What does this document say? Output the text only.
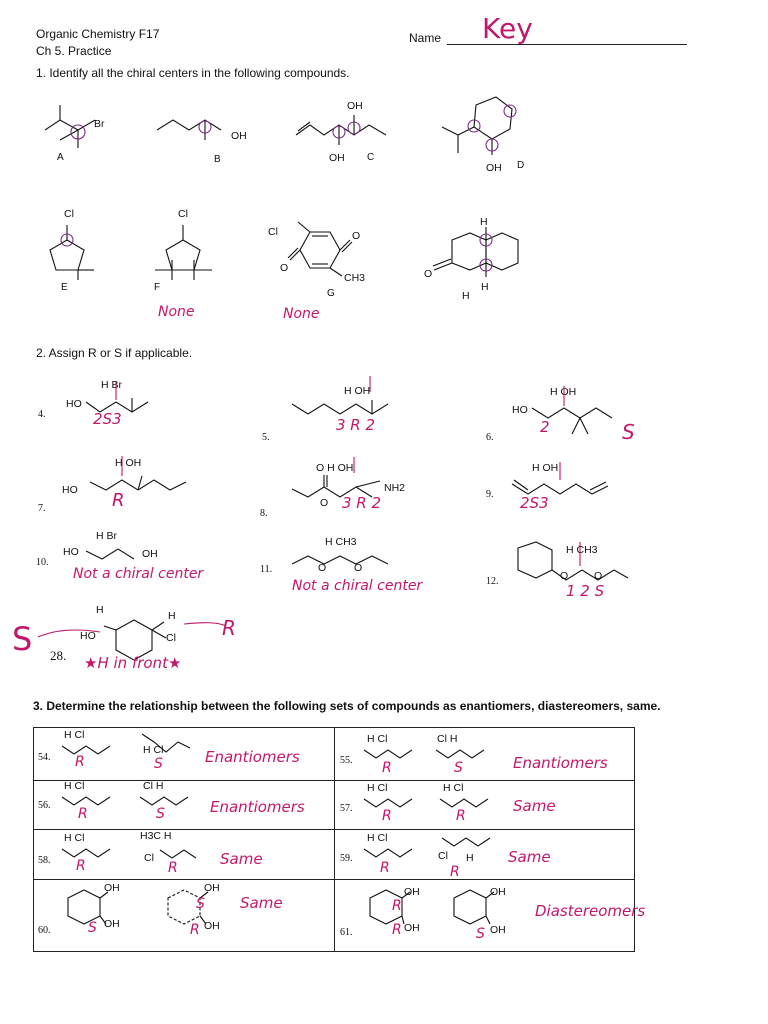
Organic Chemistry F17
Ch 5. Practice
Name Key
1. Identify all the chiral centers in the following compounds.
Br
A
OH
B
OH
OH C
OH D
Cl
E
Cl
F
None
Cl	O
O
CH3
G
None
H
O
H
H
2. Assign R or S if applicable.
4.
HO
H Br
2S3
5.
H OH
3 R 2
6.
HO
H OH
2	S
7.
HO
H OH
R
8.
O H OH
O
NH2
3 R 2	9.
H OH
2S3
10.
HO
H Br
OH
Not a chiral center	11.
H CH3
O	O
Not a chiral center	12.
H CH3
O O
1 2 S
S	R
H	H
HO	Cl
28. ★H in front★
3. Determine the relationship between the following sets of compounds as enantiomers, diastereomers, same.

54.
H Cl
R
H Cl
S	Enantiomers	55.
H Cl
R
Cl H
S	Enantiomers
56.
H Cl
R
Cl H
S	Enantiomers	57.
H Cl
R
H Cl
R
Same
58.
H Cl
R
H3C H
Cl
R	Same	59.
H Cl
R
Cl H
R
Same
60.
OH
OH
S
OH
OH
S
R
Same
61.
OH
OH
R
R
OH
OH
S
Diastereomers
